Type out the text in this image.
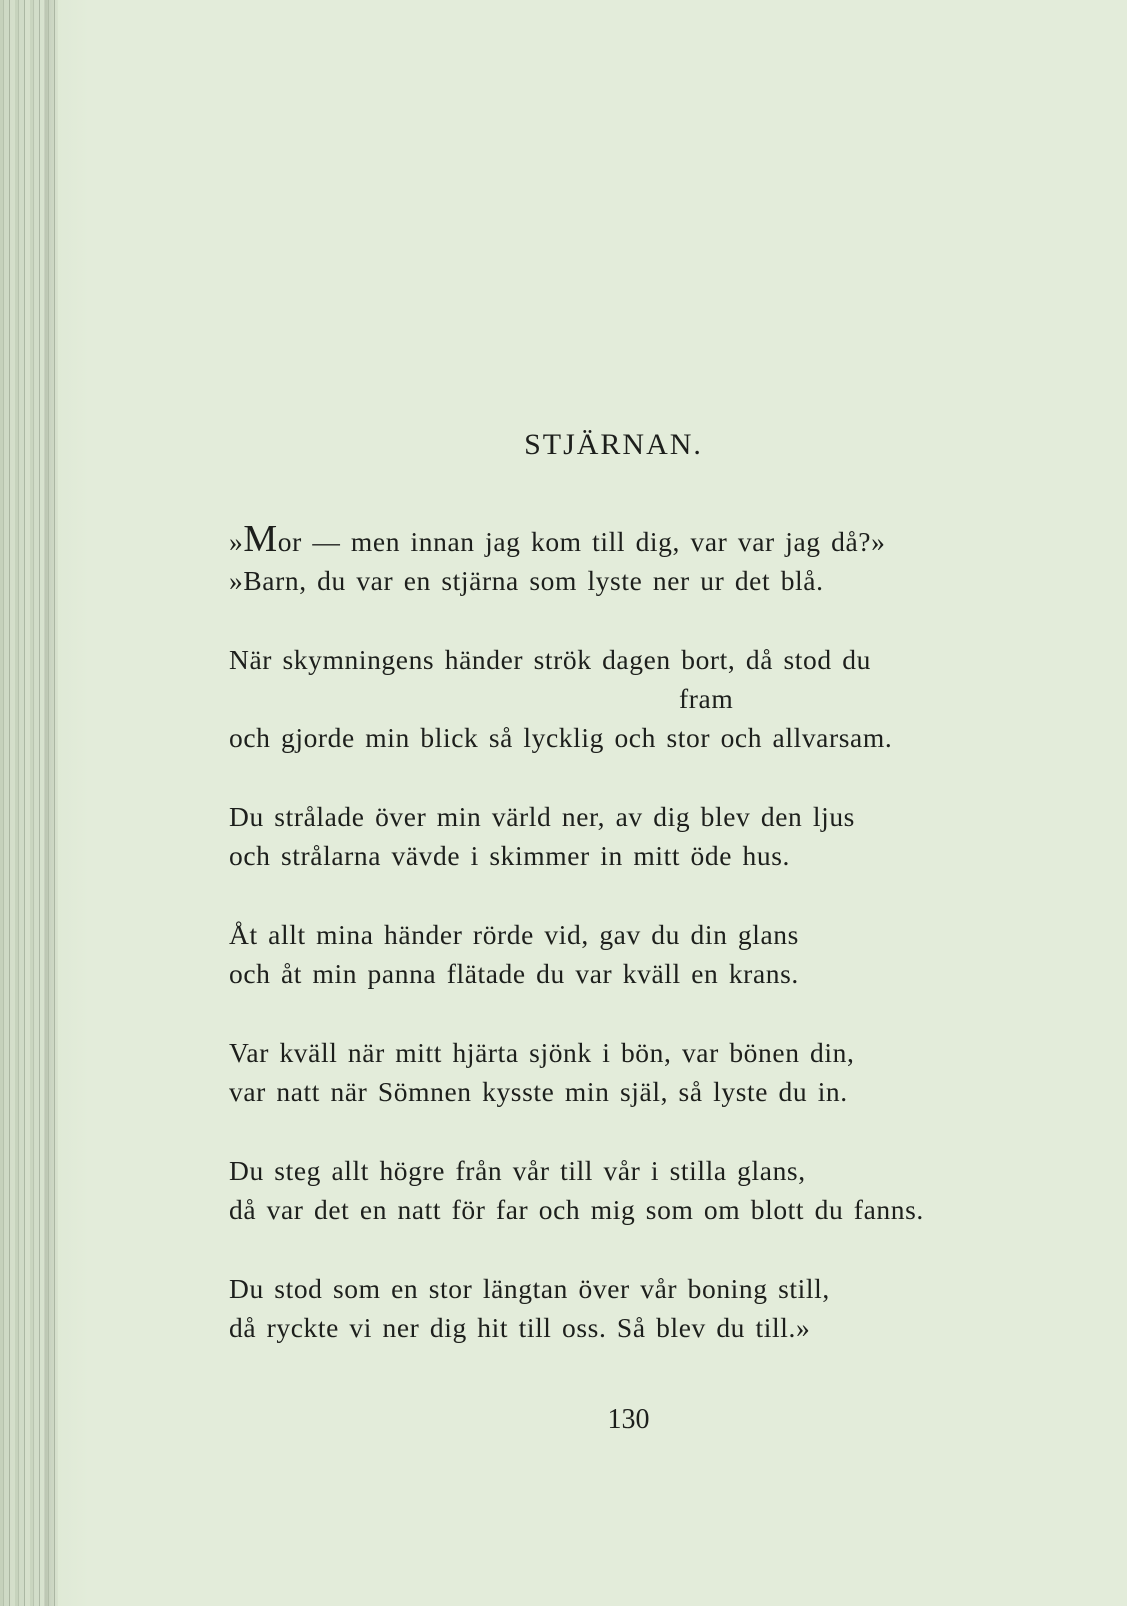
STJÄRNAN.
»Mor — men innan jag kom till dig, var var jag då?»
»Barn, du var en stjärna som lyste ner ur det blå.
När skymningens händer strök dagen bort, då stod du
fram
och gjorde min blick så lycklig och stor och allvarsam.
Du strålade över min värld ner, av dig blev den ljus
och strålarna vävde i skimmer in mitt öde hus.
Åt allt mina händer rörde vid, gav du din glans
och åt min panna flätade du var kväll en krans.
Var kväll när mitt hjärta sjönk i bön, var bönen din,
var natt när Sömnen kysste min själ, så lyste du in.
Du steg allt högre från vår till vår i stilla glans,
då var det en natt för far och mig som om blott du fanns.
Du stod som en stor längtan över vår boning still,
då ryckte vi ner dig hit till oss. Så blev du till.»
130
